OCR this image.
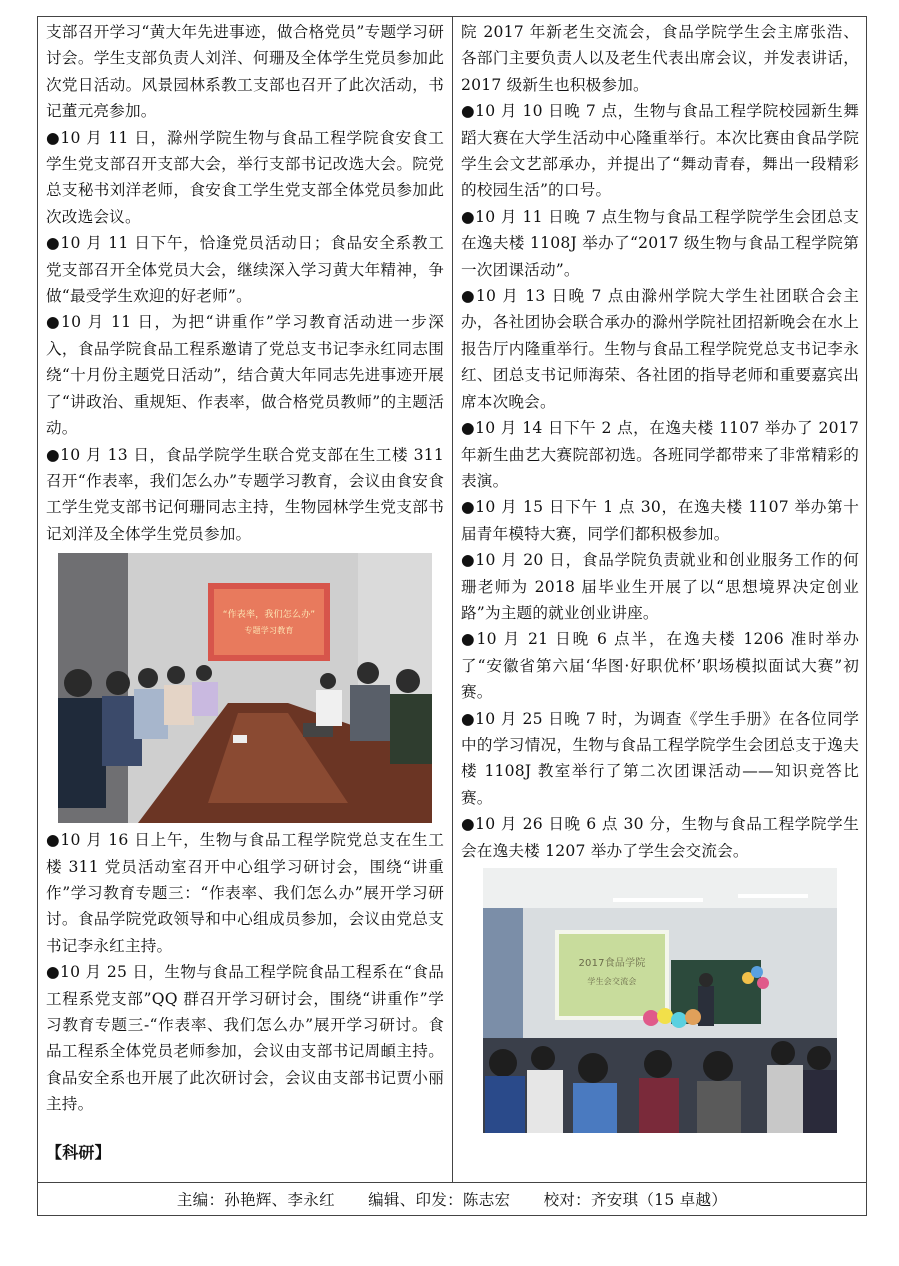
支部召开学习“黄大年先进事迹，做合格党员”专题学习研讨会。学生支部负责人刘洋、何珊及全体学生党员参加此次党日活动。风景园林系教工支部也召开了此次活动，书记董元亮参加。

●10 月 11 日，滁州学院生物与食品工程学院食安食工学生党支部召开支部大会，举行支部书记改选大会。院党总支秘书刘洋老师，食安食工学生党支部全体党员参加此次改选会议。

●10 月 11 日下午，恰逢党员活动日；食品安全系教工党支部召开全体党员大会，继续深入学习黄大年精神，争做“最受学生欢迎的好老师”。

●10 月 11 日，为把“讲重作”学习教育活动进一步深入，食品学院食品工程系邀请了党总支书记李永红同志围绕“十月份主题党日活动”，结合黄大年同志先进事迹开展了“讲政治、重规矩、作表率，做合格党员教师”的主题活动。

●10 月 13 日，食品学院学生联合党支部在生工楼 311 召开“作表率，我们怎么办”专题学习教育，会议由食安食工学生党支部书记何珊同志主持，生物园林学生党支部书记刘洋及全体学生党员参加。

“作表率，我们怎么办”
专题学习教育

●10 月 16 日上午，生物与食品工程学院党总支在生工楼 311 党员活动室召开中心组学习研讨会，围绕“讲重作”学习教育专题三：“作表率、我们怎么办”展开学习研讨。食品学院党政领导和中心组成员参加，会议由党总支书记李永红主持。

●10 月 25 日，生物与食品工程学院食品工程系在“食品工程系党支部”QQ 群召开学习研讨会，围绕“讲重作”学习教育专题三-“作表率、我们怎么办”展开学习研讨。食品工程系全体党员老师参加，会议由支部书记周頔主持。食品安全系也开展了此次研讨会，会议由支部书记贾小丽主持。

【科研】

院 2017 年新老生交流会，食品学院学生会主席张浩、各部门主要负责人以及老生代表出席会议，并发表讲话，2017 级新生也积极参加。

●10 月 10 日晚 7 点，生物与食品工程学院校园新生舞蹈大赛在大学生活动中心隆重举行。本次比赛由食品学院学生会文艺部承办，并提出了“舞动青春，舞出一段精彩的校园生活”的口号。

●10 月 11 日晚 7 点生物与食品工程学院学生会团总支在逸夫楼 1108J 举办了“2017 级生物与食品工程学院第一次团课活动”。

●10 月 13 日晚 7 点由滁州学院大学生社团联合会主办，各社团协会联合承办的滁州学院社团招新晚会在水上报告厅内隆重举行。生物与食品工程学院党总支书记李永红、团总支书记师海荣、各社团的指导老师和重要嘉宾出席本次晚会。

●10 月 14 日下午 2 点，在逸夫楼 1107 举办了 2017 年新生曲艺大赛院部初选。各班同学都带来了非常精彩的表演。

●10 月 15 日下午 1 点 30，在逸夫楼 1107 举办第十届青年模特大赛，同学们都积极参加。

●10 月 20 日，食品学院负责就业和创业服务工作的何珊老师为 2018 届毕业生开展了以“思想境界决定创业路”为主题的就业创业讲座。

●10 月 21 日晚 6 点半，在逸夫楼 1206 准时举办了“安徽省第六届‘华图·好职优杯’职场模拟面试大赛”初赛。

●10 月 25 日晚 7 时，为调查《学生手册》在各位同学中的学习情况，生物与食品工程学院学生会团总支于逸夫楼 1108J 教室举行了第二次团课活动——知识竞答比赛。

●10 月 26 日晚 6 点 30 分，生物与食品工程学院学生会在逸夫楼 1207 举办了学生会交流会。

2017食品学院
学生会交流会
主编：孙艳辉、李永红 编辑、印发：陈志宏 校对：齐安琪（15 卓越）
